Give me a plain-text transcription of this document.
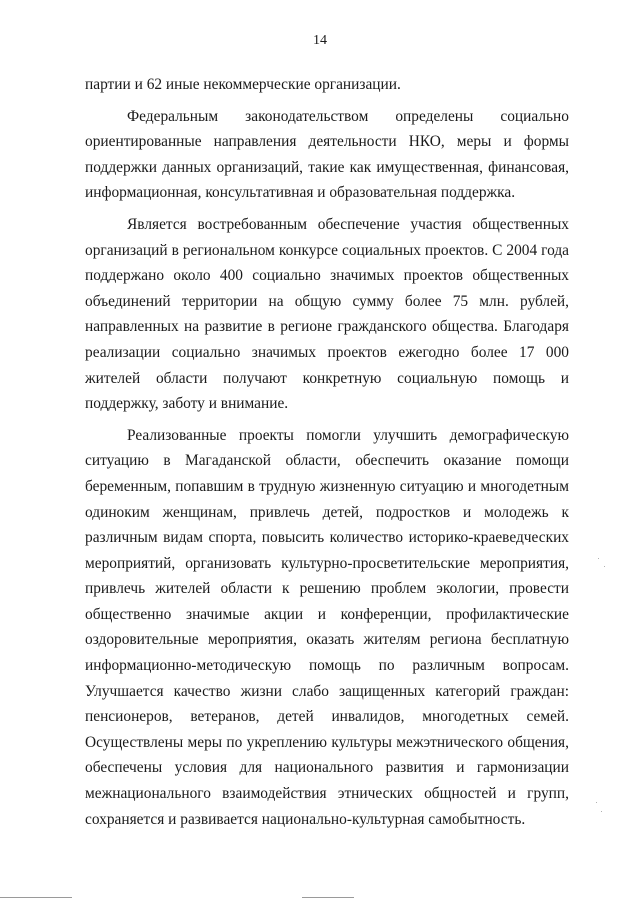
14

партии и 62 иные некоммерческие организации.

Федеральным законодательством определены социально ориентированные направления деятельности НКО, меры и формы поддержки данных организаций, такие как имущественная, финансовая, информационная, консультативная и образовательная поддержка.

Является востребованным обеспечение участия общественных организаций в региональном конкурсе социальных проектов. С 2004 года поддержано около 400 социально значимых проектов общественных объединений территории на общую сумму более 75 млн. рублей, направленных на развитие в регионе гражданского общества. Благодаря реализации социально значимых проектов ежегодно более 17 000 жителей области получают конкретную социальную помощь и поддержку, заботу и внимание.

Реализованные проекты помогли улучшить демографическую ситуацию в Магаданской области, обеспечить оказание помощи беременным, попавшим в трудную жизненную ситуацию и многодетным одиноким женщинам, привлечь детей, подростков и молодежь к различным видам спорта, повысить количество историко-краеведческих мероприятий, организовать культурно-просветительские мероприятия, привлечь жителей области к решению проблем экологии, провести общественно значимые акции и конференции, профилактические оздоровительные мероприятия, оказать жителям региона бесплатную информационно-методическую помощь по различным вопросам. Улучшается качество жизни слабо защищенных категорий граждан: пенсионеров, ветеранов, детей инвалидов, многодетных семей. Осуществлены меры по укреплению культуры межэтнического общения, обеспечены условия для национального развития и гармонизации межнационального взаимодействия этнических общностей и групп, сохраняется и развивается национально-культурная самобытность.
